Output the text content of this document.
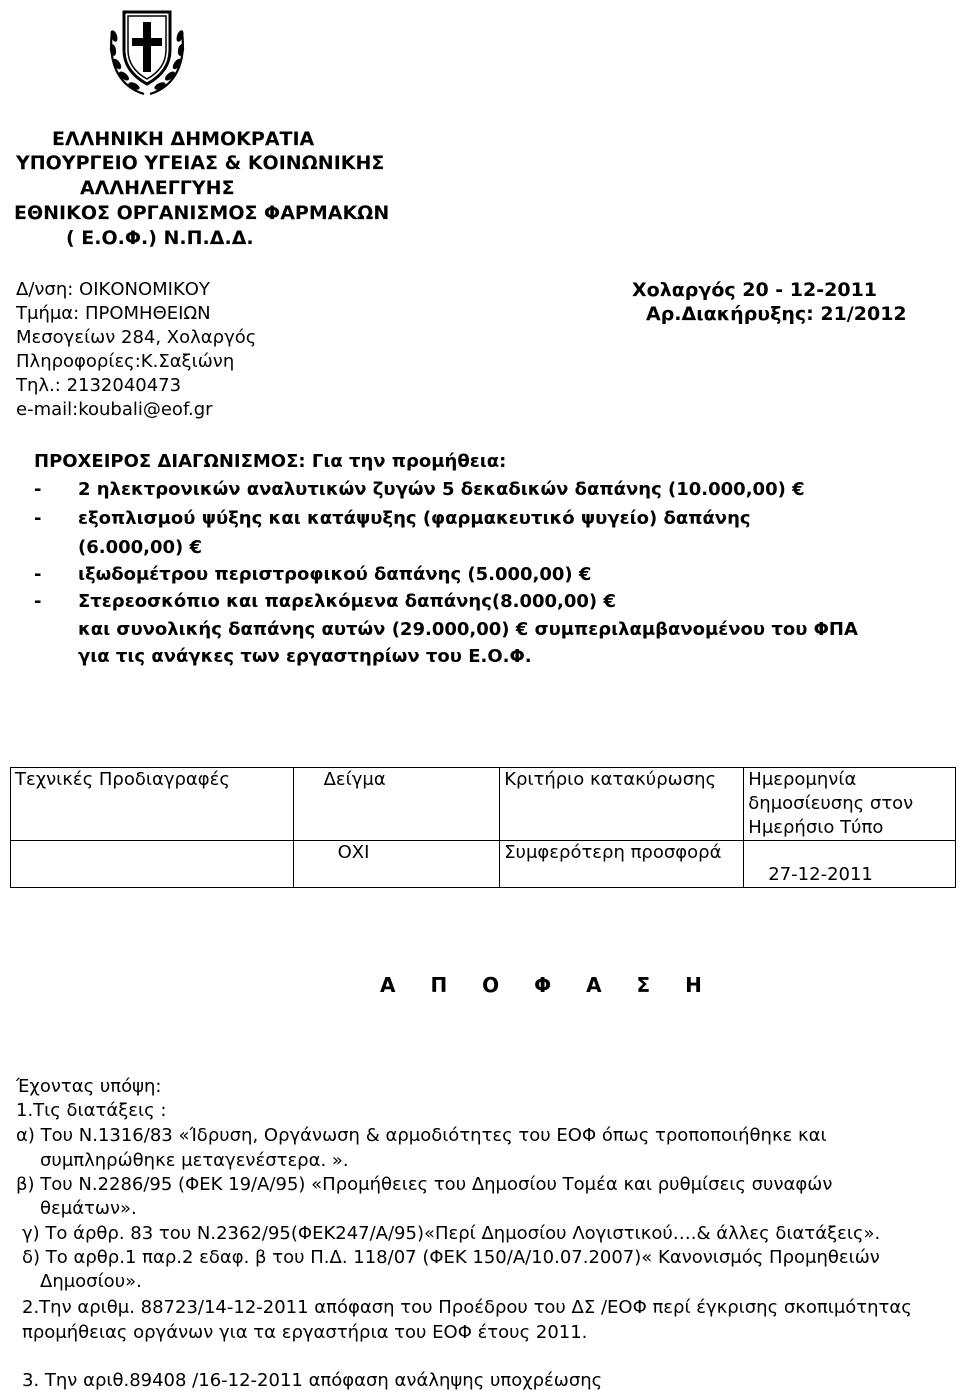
ΕΛΛΗΝΙΚΗ ΔΗΜΟΚΡΑΤΙΑ
ΥΠΟΥΡΓΕΙΟ ΥΓΕΙΑΣ & ΚΟΙΝΩΝΙΚΗΣ
ΑΛΛΗΛΕΓΓΥΗΣ
ΕΘΝΙΚΟΣ ΟΡΓΑΝΙΣΜΟΣ ΦΑΡΜΑΚΩΝ
( Ε.Ο.Φ.) Ν.Π.Δ.Δ.
Δ/νση: ΟΙΚΟΝΟΜΙΚΟΥ
Τμήμα: ΠΡΟΜΗΘΕΙΩΝ
Μεσογείων 284, Χολαργός
Πληροφορίες:Κ.Σαξιώνη
Τηλ.: 2132040473
e-mail:koubali@eof.gr
Χολαργός 20 - 12-2011
Αρ.Διακήρυξης: 21/2012
ΠΡΟΧΕΙΡΟΣ ΔΙΑΓΩΝΙΣΜΟΣ: Για την προμήθεια:
- 2 ηλεκτρονικών αναλυτικών ζυγών 5 δεκαδικών δαπάνης (10.000,00) €
- εξοπλισμού ψύξης και κατάψυξης (φαρμακευτικό ψυγείο) δαπάνης
(6.000,00) €
- ιξωδομέτρου περιστροφικού δαπάνης (5.000,00) €
- Στερεοσκόπιο και παρελκόμενα δαπάνης(8.000,00) €
και συνολικής δαπάνης αυτών (29.000,00) € συμπεριλαμβανομένου του ΦΠΑ
για τις ανάγκες των εργαστηρίων του Ε.Ο.Φ.
Τεχνικές Προδιαγραφές	Δείγμα	Κριτήριο κατακύρωσης	Ημερομηνία δημοσίευσης στον Ημερήσιο Τύπο
	ΟΧΙ	Συμφερότερη προσφορά	27-12-2011
Α Π Ο Φ Α Σ Η
Έχοντας υπόψη:
1.Τις διατάξεις :
α) Του Ν.1316/83 «Ίδρυση, Οργάνωση & αρμοδιότητες του ΕΟΦ όπως τροποποιήθηκε και
συμπληρώθηκε μεταγενέστερα. ».
β) Του Ν.2286/95 (ΦΕΚ 19/Α/95) «Προμήθειες του Δημοσίου Τομέα και ρυθμίσεις συναφών
θεμάτων».
γ) Το άρθρ. 83 του Ν.2362/95(ΦΕΚ247/Α/95)«Περί Δημοσίου Λογιστικού….& άλλες διατάξεις».
δ) Το αρθρ.1 παρ.2 εδαφ. β του Π.Δ. 118/07 (ΦΕΚ 150/Α/10.07.2007)« Κανονισμός Προμηθειών
Δημοσίου».
2.Την αριθμ. 88723/14-12-2011 απόφαση του Προέδρου του ΔΣ /ΕΟΦ περί έγκρισης σκοπιμότητας
προμήθειας οργάνων για τα εργαστήρια του ΕΟΦ έτους 2011.
3. Την αριθ.89408 /16-12-2011 απόφαση ανάληψης υποχρέωσης
